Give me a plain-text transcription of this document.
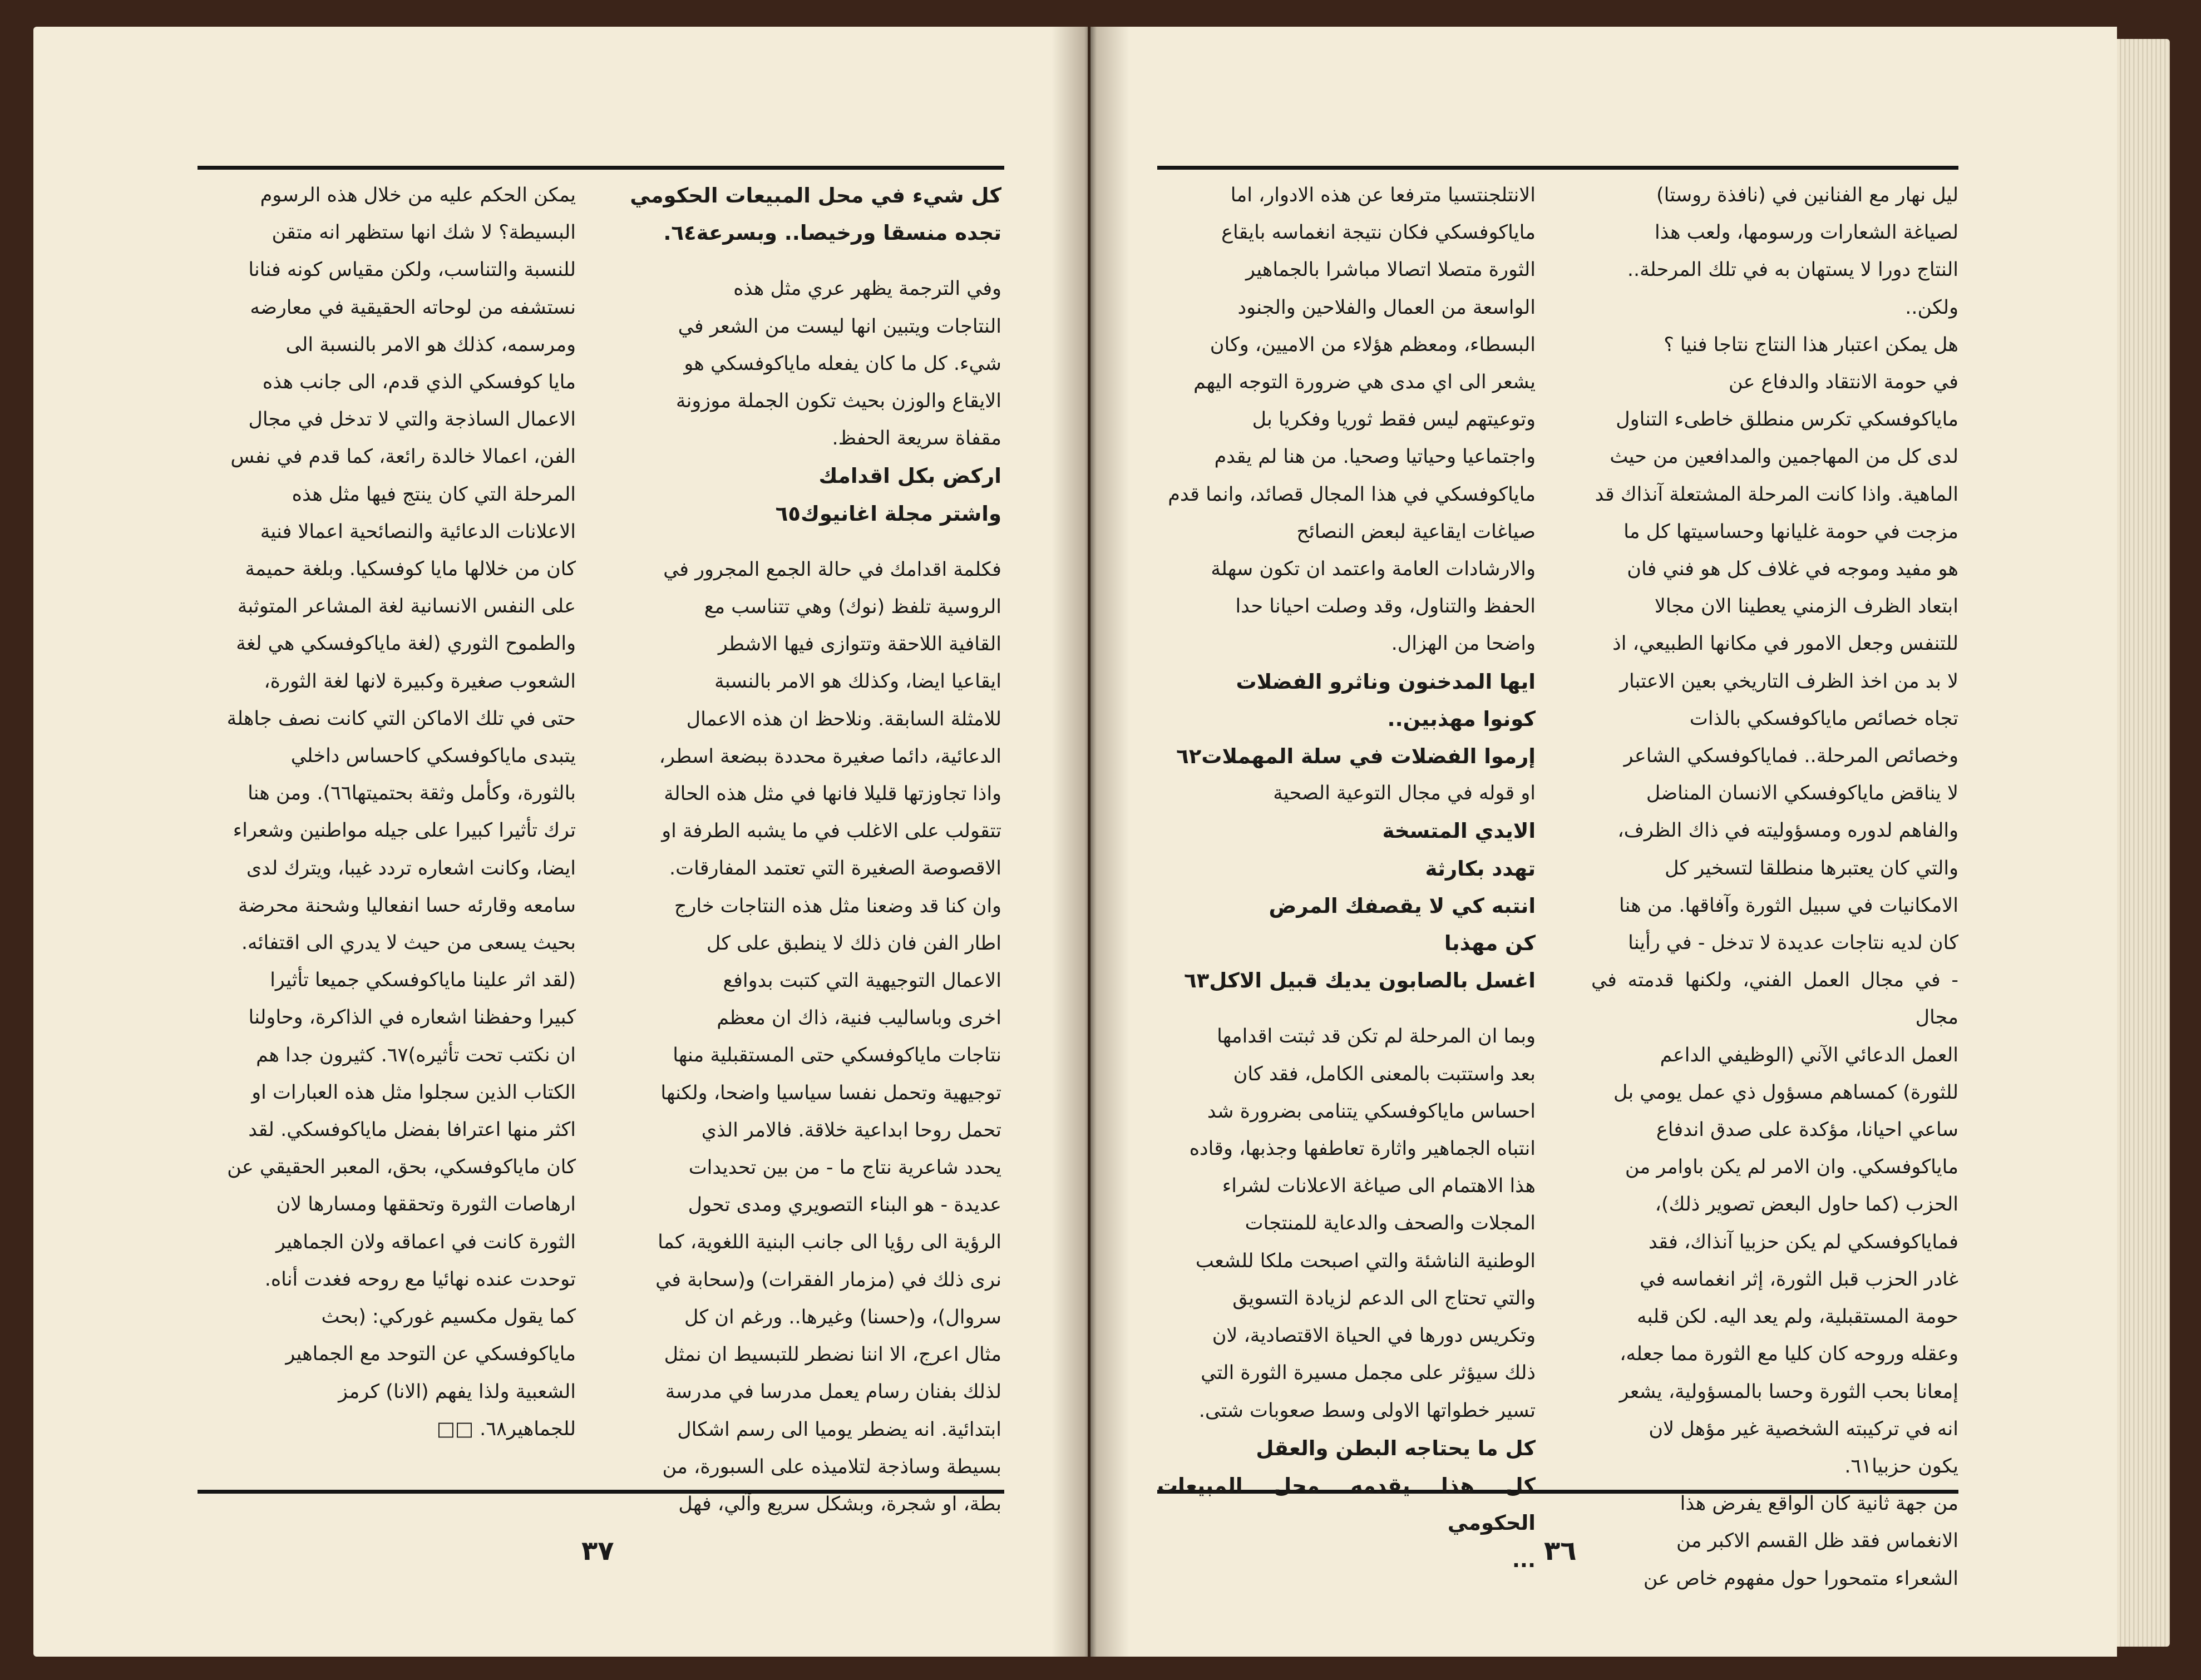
يمكن الحكم عليه من خلال هذه الرسوم

البسيطة؟ لا شك انها ستظهر انه متقن

للنسبة والتناسب، ولكن مقياس كونه فنانا

نستشفه من لوحاته الحقيقية في معارضه

ومرسمه، كذلك هو الامر بالنسبة الى

مايا كوفسكي الذي قدم، الى جانب هذه

الاعمال الساذجة والتي لا تدخل في مجال

الفن، اعمالا خالدة رائعة، كما قدم في نفس

المرحلة التي كان ينتج فيها مثل هذه

الاعلانات الدعائية والنصائحية اعمالا فنية

كان من خلالها مايا كوفسكيا. وبلغة حميمة

على النفس الانسانية لغة المشاعر المتوثبة

والطموح الثوري (لغة ماياكوفسكي هي لغة

الشعوب صغيرة وكبيرة لانها لغة الثورة،

حتى في تلك الاماكن التي كانت نصف جاهلة

يتبدى ماياكوفسكي كاحساس داخلي

بالثورة، وكأمل وثقة بحتميتها٦٦). ومن هنا

ترك تأثيرا كبيرا على جيله مواطنين وشعراء

ايضا، وكانت اشعاره تردد غيبا، ويترك لدى

سامعه وقارئه حسا انفعاليا وشحنة محرضة

بحيث يسعى من حيث لا يدري الى اقتفائه.

(لقد اثر علينا ماياكوفسكي جميعا تأثيرا

كبيرا وحفظنا اشعاره في الذاكرة، وحاولنا

ان نكتب تحت تأثيره)٦٧. كثيرون جدا هم

الكتاب الذين سجلوا مثل هذه العبارات او

اكثر منها اعترافا بفضل ماياكوفسكي. لقد

كان ماياكوفسكي، بحق، المعبر الحقيقي عن

ارهاصات الثورة وتحققها ومسارها لان

الثورة كانت في اعماقه ولان الجماهير

توحدت عنده نهائيا مع روحه فغدت أناه.

كما يقول مكسيم غوركي: (بحث

ماياكوفسكي عن التوحد مع الجماهير

الشعبية ولذا يفهم (الانا) كرمز

للجماهير٦٨. □□

كل شيء في محل المبيعات الحكومي

تجده منسقا ورخيصا.. وبسرعة٦٤.

وفي الترجمة يظهر عري مثل هذه

النتاجات ويتبين انها ليست من الشعر في

شيء. كل ما كان يفعله ماياكوفسكي هو

الايقاع والوزن بحيث تكون الجملة موزونة

مقفاة سريعة الحفظ.

اركض بكل اقدامك

واشتر مجلة اغانيوك٦٥

فكلمة اقدامك في حالة الجمع المجرور في

الروسية تلفظ (نوك) وهي تتناسب مع

القافية اللاحقة وتتوازى فيها الاشطر

ايقاعيا ايضا، وكذلك هو الامر بالنسبة

للامثلة السابقة. ونلاحظ ان هذه الاعمال

الدعائية، دائما صغيرة محددة ببضعة اسطر،

واذا تجاوزتها قليلا فانها في مثل هذه الحالة

تتقولب على الاغلب في ما يشبه الطرفة او

الاقصوصة الصغيرة التي تعتمد المفارقات.

وان كنا قد وضعنا مثل هذه النتاجات خارج

اطار الفن فان ذلك لا ينطبق على كل

الاعمال التوجيهية التي كتبت بدوافع

اخرى وباساليب فنية، ذاك ان معظم

نتاجات ماياكوفسكي حتى المستقبلية منها

توجيهية وتحمل نفسا سياسيا واضحا، ولكنها

تحمل روحا ابداعية خلاقة. فالامر الذي

يحدد شاعرية نتاج ما - من بين تحديدات

عديدة - هو البناء التصويري ومدى تحول

الرؤية الى رؤيا الى جانب البنية اللغوية، كما

نرى ذلك في (مزمار الفقرات) و(سحابة في

سروال)، و(حسنا) وغيرها.. ورغم ان كل

مثال اعرج، الا اننا نضطر للتبسيط ان نمثل

لذلك بفنان رسام يعمل مدرسا في مدرسة

ابتدائية. انه يضطر يوميا الى رسم اشكال

بسيطة وساذجة لتلاميذه على السبورة، من

بطة، او شجرة، وبشكل سريع وآلي، فهل

الانتلجنتسيا مترفعا عن هذه الادوار، اما

ماياكوفسكي فكان نتيجة انغماسه بايقاع

الثورة متصلا اتصالا مباشرا بالجماهير

الواسعة من العمال والفلاحين والجنود

البسطاء، ومعظم هؤلاء من الاميين، وكان

يشعر الى اي مدى هي ضرورة التوجه اليهم

وتوعيتهم ليس فقط ثوريا وفكريا بل

واجتماعيا وحياتيا وصحيا. من هنا لم يقدم

ماياكوفسكي في هذا المجال قصائد، وانما قدم

صياغات ايقاعية لبعض النصائح

والارشادات العامة واعتمد ان تكون سهلة

الحفظ والتناول، وقد وصلت احيانا حدا

واضحا من الهزال.

ايها المدخنون وناثرو الفضلات

كونوا مهذبين..

إرموا الفضلات في سلة المهملات٦٢

او قوله في مجال التوعية الصحية

الايدي المتسخة

تهدد بكارثة

انتبه كي لا يقصفك المرض

كن مهذبا

اغسل بالصابون يديك قبيل الاكل٦٣

وبما ان المرحلة لم تكن قد ثبتت اقدامها

بعد واستتبت بالمعنى الكامل، فقد كان

احساس ماياكوفسكي يتنامى بضرورة شد

انتباه الجماهير واثارة تعاطفها وجذبها، وقاده

هذا الاهتمام الى صياغة الاعلانات لشراء

المجلات والصحف والدعاية للمنتجات

الوطنية الناشئة والتي اصبحت ملكا للشعب

والتي تحتاج الى الدعم لزيادة التسويق

وتكريس دورها في الحياة الاقتصادية، لان

ذلك سيؤثر على مجمل مسيرة الثورة التي

تسير خطواتها الاولى وسط صعوبات شتى.

كل ما يحتاجه البطن والعقل

كل هذا يقدمه محل المبيعات الحكومي

...

ليل نهار مع الفنانين في (نافذة روستا)

لصياغة الشعارات ورسومها، ولعب هذا

النتاج دورا لا يستهان به في تلك المرحلة..

ولكن..

هل يمكن اعتبار هذا النتاج نتاجا فنيا ؟

في حومة الانتقاد والدفاع عن

ماياكوفسكي تكرس منطلق خاطىء التناول

لدى كل من المهاجمين والمدافعين من حيث

الماهية. واذا كانت المرحلة المشتعلة آنذاك قد

مزجت في حومة غليانها وحساسيتها كل ما

هو مفيد وموجه في غلاف كل هو فني فان

ابتعاد الظرف الزمني يعطينا الان مجالا

للتنفس وجعل الامور في مكانها الطبيعي، اذ

لا بد من اخذ الظرف التاريخي بعين الاعتبار

تجاه خصائص ماياكوفسكي بالذات

وخصائص المرحلة.. فماياكوفسكي الشاعر

لا يناقض ماياكوفسكي الانسان المناضل

والفاهم لدوره ومسؤوليته في ذاك الظرف،

والتي كان يعتبرها منطلقا لتسخير كل

الامكانيات في سبيل الثورة وآفاقها. من هنا

كان لديه نتاجات عديدة لا تدخل - في رأينا

- في مجال العمل الفني، ولكنها قدمته في مجال

العمل الدعائي الآني (الوظيفي الداعم

للثورة) كمساهم مسؤول ذي عمل يومي بل

ساعي احيانا، مؤكدة على صدق اندفاع

ماياكوفسكي. وان الامر لم يكن باوامر من

الحزب (كما حاول البعض تصوير ذلك)،

فماياكوفسكي لم يكن حزبيا آنذاك، فقد

غادر الحزب قبل الثورة، إثر انغماسه في

حومة المستقبلية، ولم يعد اليه. لكن قلبه

وعقله وروحه كان كليا مع الثورة مما جعله،

إمعانا بحب الثورة وحسا بالمسؤولية، يشعر

انه في تركيبته الشخصية غير مؤهل لان

يكون حزبيا٦١.

من جهة ثانية كان الواقع يفرض هذا

الانغماس فقد ظل القسم الاكبر من

الشعراء متمحورا حول مفهوم خاص عن

٣٧	٣٦
